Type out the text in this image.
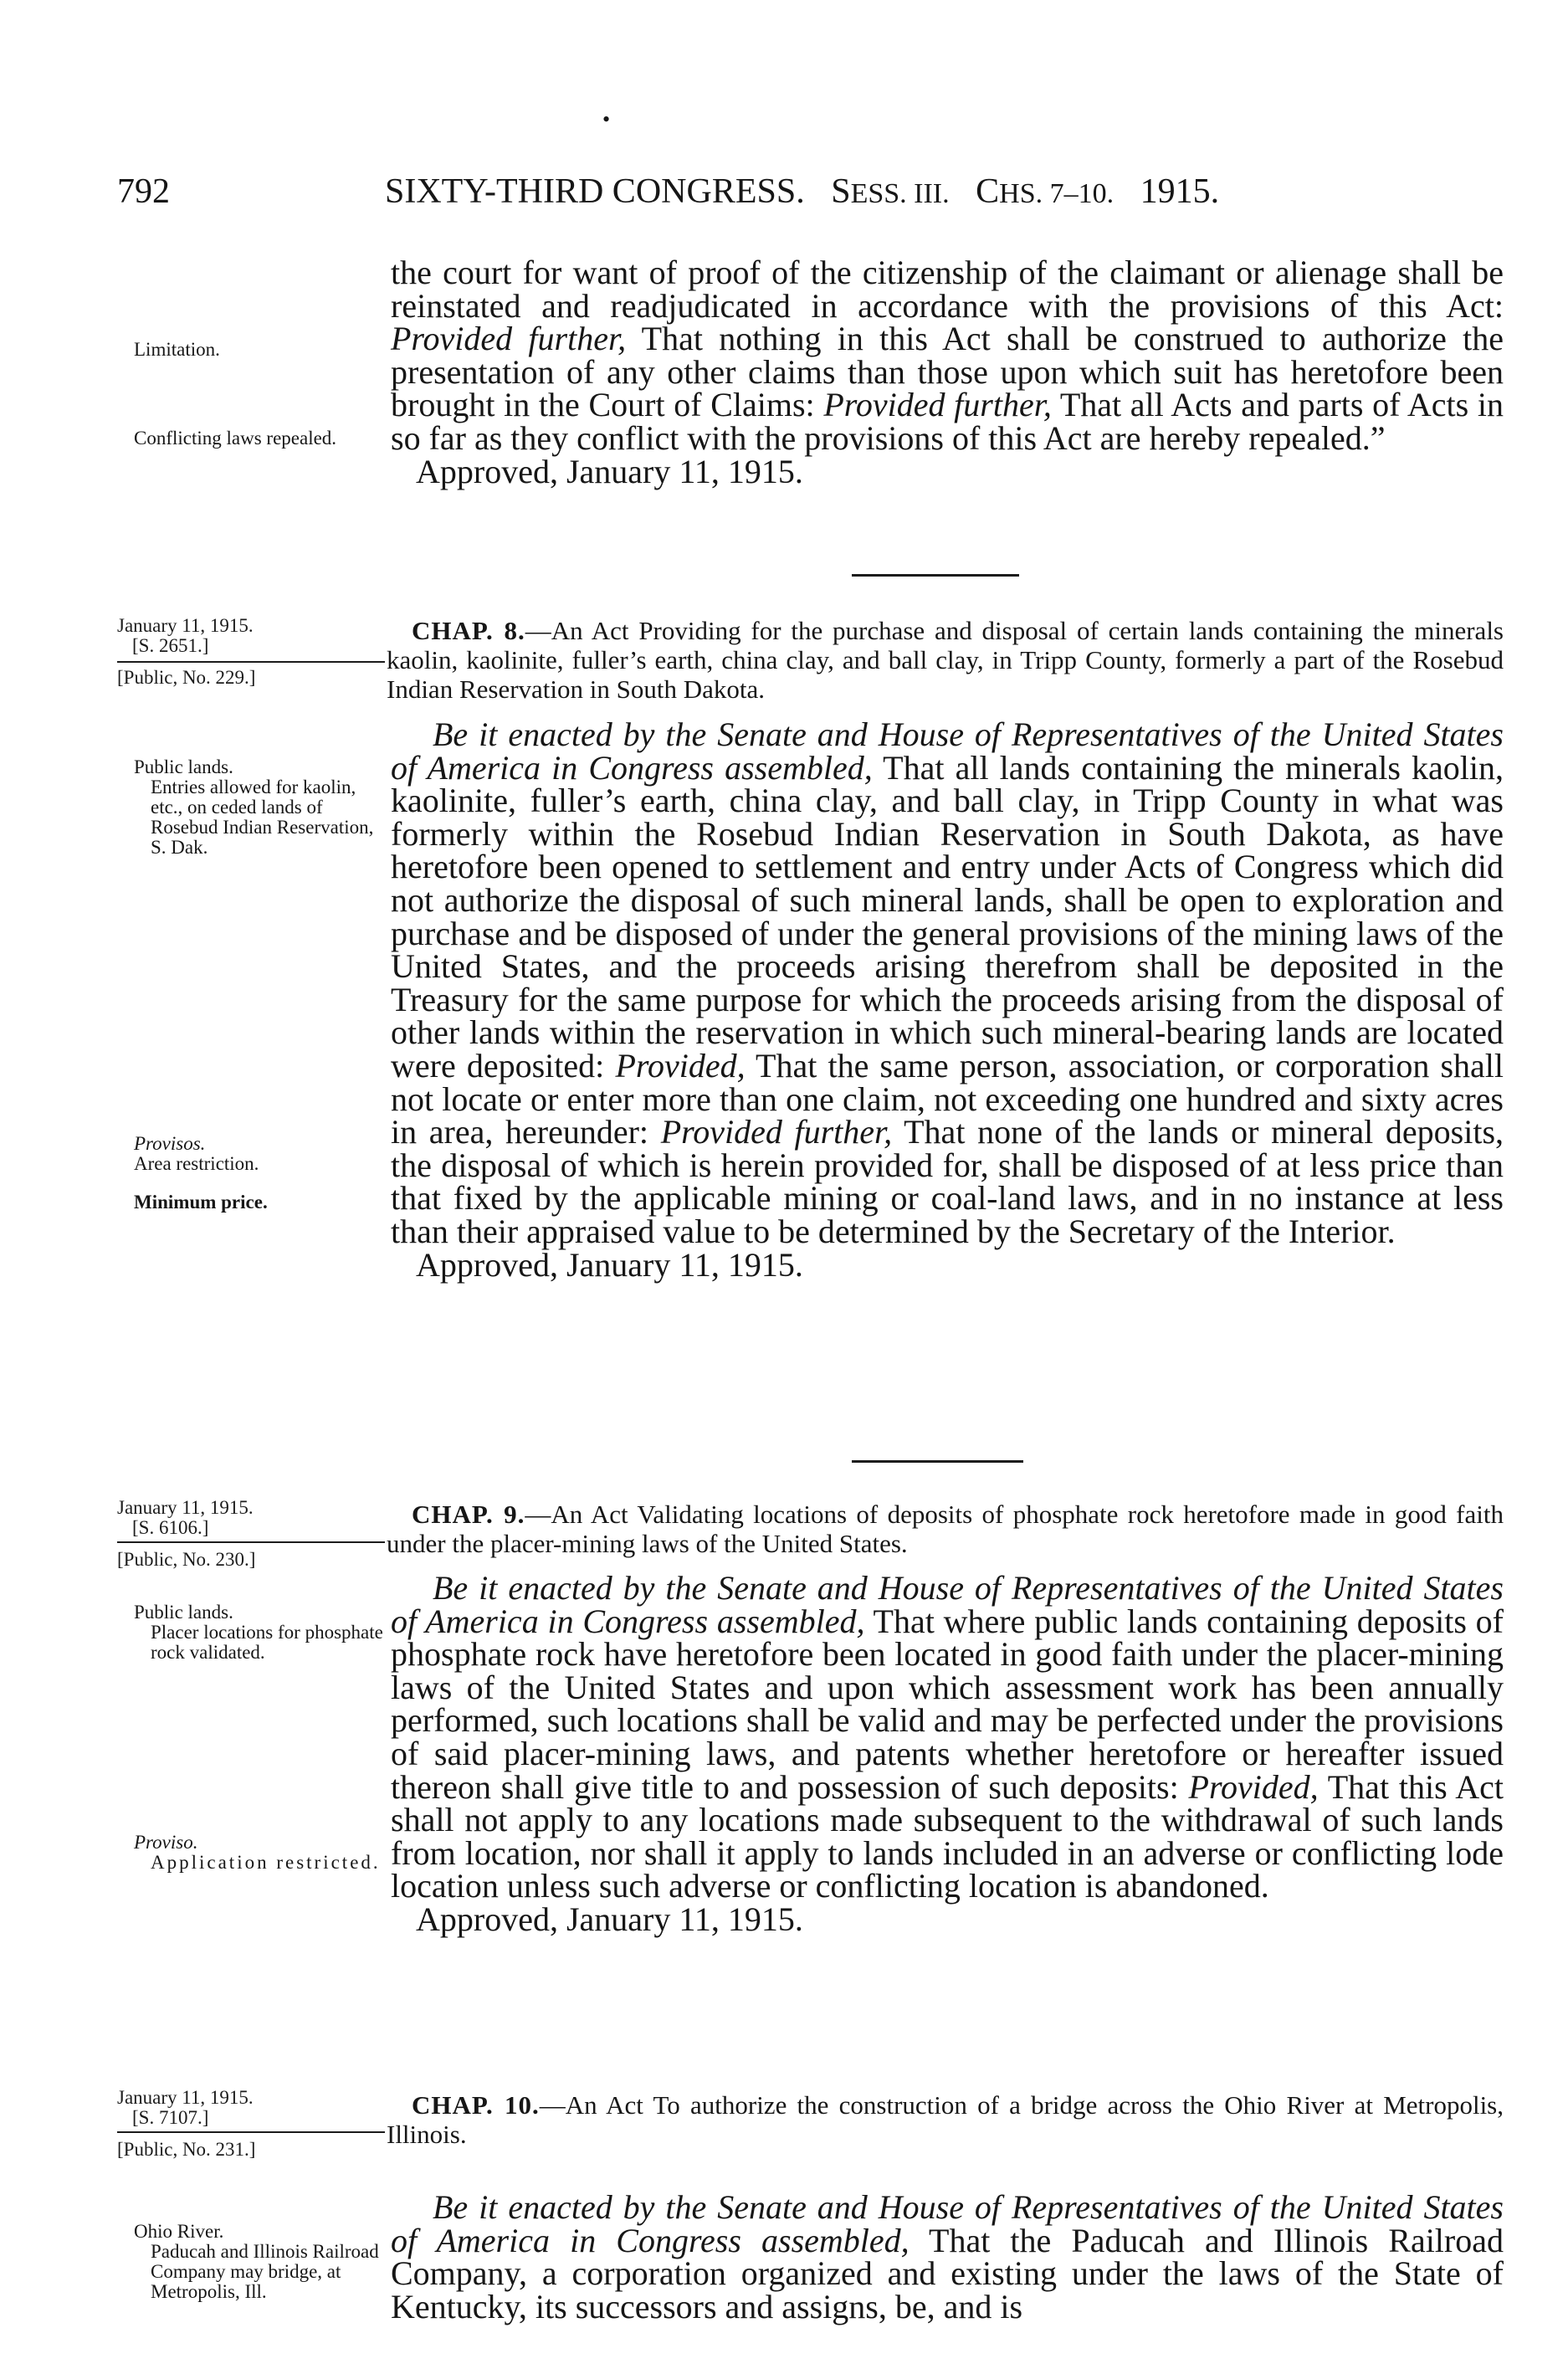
•
792	SIXTY-THIRD CONGRESS. SESS. III. CHS. 7–10. 1915.

the court for want of proof of the citizenship of the claimant or alienage shall be reinstated and readjudicated in accordance with the provisions of this Act: Provided further, That nothing in this Act shall be construed to authorize the presentation of any other claims than those upon which suit has heretofore been brought in the Court of Claims: Provided further, That all Acts and parts of Acts in so far as they conflict with the provisions of this Act are hereby repealed.”

Approved, January 11, 1915.

Limitation.

Conflicting laws repealed.

January 11, 1915.

[S. 2651.]

[Public, No. 229.]

CHAP. 8.—An Act Providing for the purchase and disposal of certain lands containing the minerals kaolin, kaolinite, fuller’s earth, china clay, and ball clay, in Tripp County, formerly a part of the Rosebud Indian Reservation in South Dakota.

Be it enacted by the Senate and House of Representatives of the United States of America in Congress assembled, That all lands containing the minerals kaolin, kaolinite, fuller’s earth, china clay, and ball clay, in Tripp County in what was formerly within the Rosebud Indian Reservation in South Dakota, as have heretofore been opened to settlement and entry under Acts of Congress which did not authorize the disposal of such mineral lands, shall be open to exploration and purchase and be disposed of under the general provisions of the mining laws of the United States, and the proceeds arising therefrom shall be deposited in the Treasury for the same purpose for which the proceeds arising from the disposal of other lands within the reservation in which such mineral-bearing lands are located were deposited: Provided, That the same person, association, or corporation shall not locate or enter more than one claim, not exceeding one hundred and sixty acres in area, hereunder: Provided further, That none of the lands or mineral deposits, the disposal of which is herein provided for, shall be disposed of at less price than that fixed by the applicable mining or coal-land laws, and in no instance at less than their appraised value to be determined by the Secretary of the Interior.

Approved, January 11, 1915.

Public lands.

Entries allowed for kaolin, etc., on ceded lands of Rosebud Indian Reservation, S. Dak.

Provisos.

Area restriction.

Minimum price.

January 11, 1915.

[S. 6106.]

[Public, No. 230.]

CHAP. 9.—An Act Validating locations of deposits of phosphate rock heretofore made in good faith under the placer-mining laws of the United States.

Be it enacted by the Senate and House of Representatives of the United States of America in Congress assembled, That where public lands containing deposits of phosphate rock have heretofore been located in good faith under the placer-mining laws of the United States and upon which assessment work has been annually performed, such locations shall be valid and may be perfected under the provisions of said placer-mining laws, and patents whether heretofore or hereafter issued thereon shall give title to and possession of such deposits: Provided, That this Act shall not apply to any locations made subsequent to the withdrawal of such lands from location, nor shall it apply to lands included in an adverse or conflicting lode location unless such adverse or conflicting location is abandoned.

Approved, January 11, 1915.

Public lands.

Placer locations for phosphate rock validated.

Proviso.

Application restricted.

January 11, 1915.

[S. 7107.]

[Public, No. 231.]

CHAP. 10.—An Act To authorize the construction of a bridge across the Ohio River at Metropolis, Illinois.

Be it enacted by the Senate and House of Representatives of the United States of America in Congress assembled, That the Paducah and Illinois Railroad Company, a corporation organized and existing under the laws of the State of Kentucky, its successors and assigns, be, and is

Ohio River.

Paducah and Illinois Railroad Company may bridge, at Metropolis, Ill.
